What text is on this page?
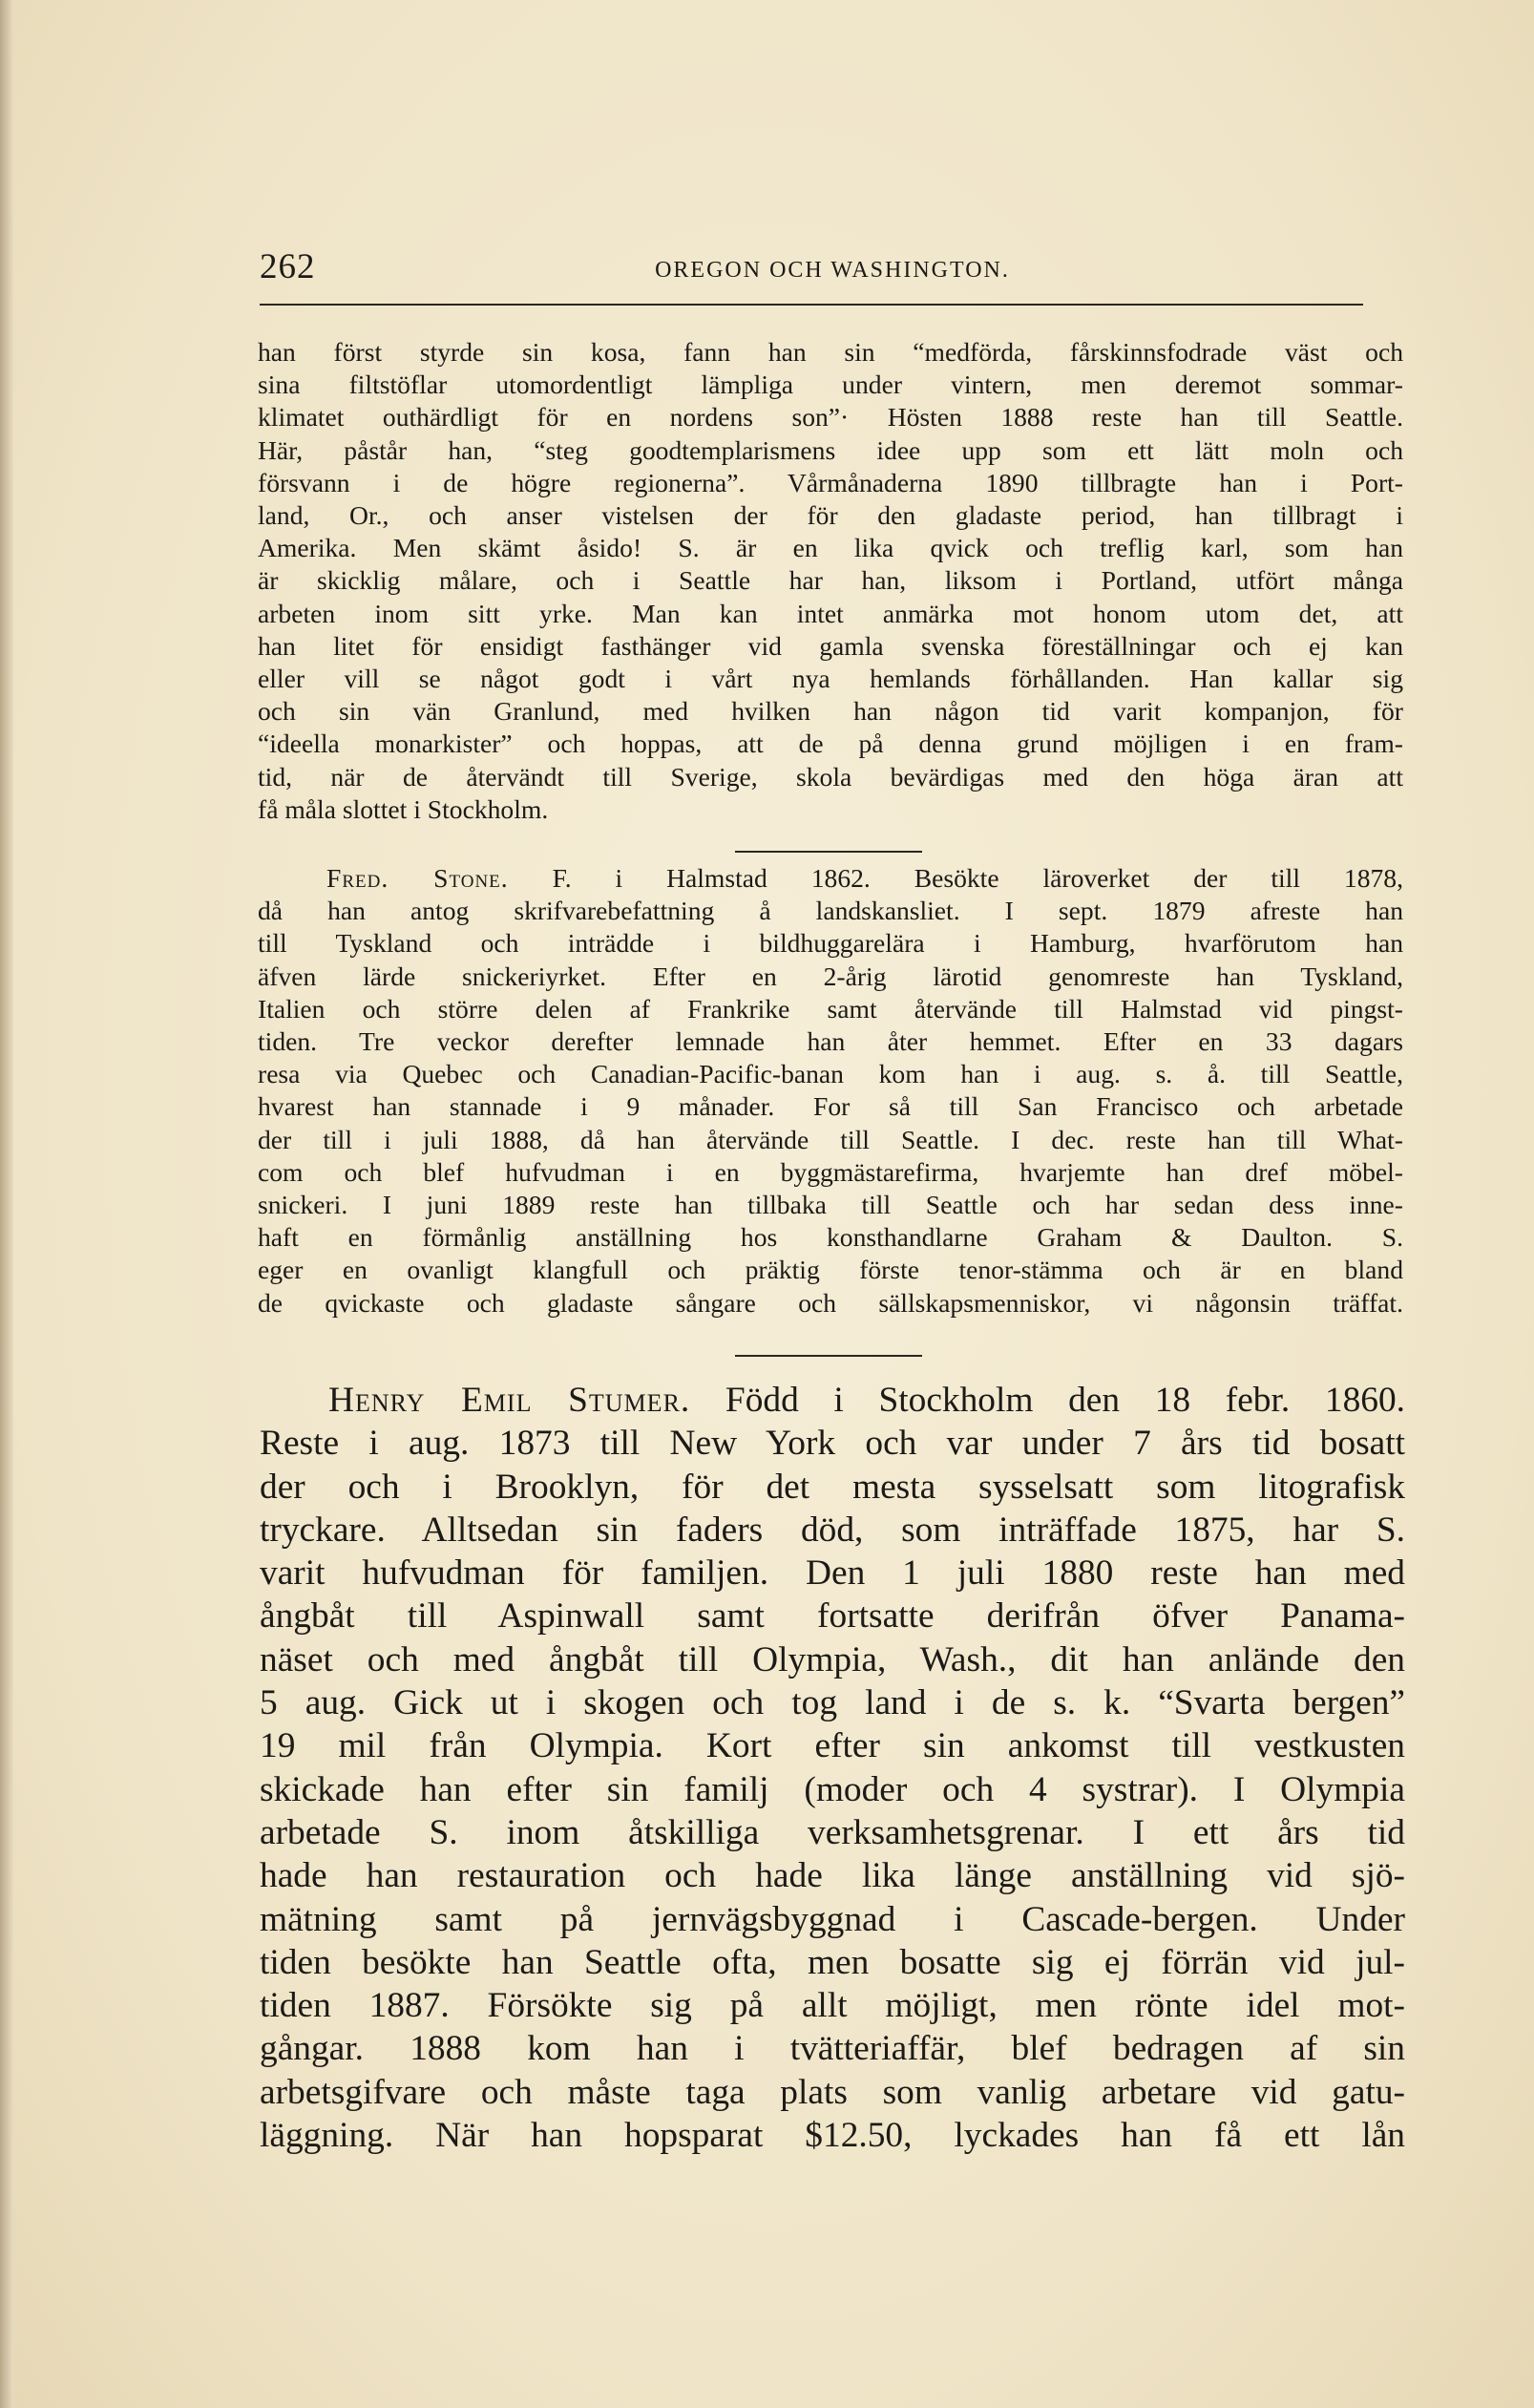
262	OREGON OCH WASHINGTON.
han först styrde sin kosa, fann han sin “medförda, fårskinnsfodrade väst och
sina filtstöflar utomordentligt lämpliga under vintern, men deremot sommar-
klimatet outhärdligt för en nordens son”· Hösten 1888 reste han till Seattle.
Här, påstår han, “steg goodtemplarismens idee upp som ett lätt moln och
försvann i de högre regionerna”. Vårmånaderna 1890 tillbragte han i Port-
land, Or., och anser vistelsen der för den gladaste period, han tillbragt i
Amerika. Men skämt åsido! S. är en lika qvick och treflig karl, som han
är skicklig målare, och i Seattle har han, liksom i Portland, utfört många
arbeten inom sitt yrke. Man kan intet anmärka mot honom utom det, att
han litet för ensidigt fasthänger vid gamla svenska föreställningar och ej kan
eller vill se något godt i vårt nya hemlands förhållanden. Han kallar sig
och sin vän Granlund, med hvilken han någon tid varit kompanjon, för
“ideella monarkister” och hoppas, att de på denna grund möjligen i en fram-
tid, när de återvändt till Sverige, skola bevärdigas med den höga äran att
få måla slottet i Stockholm.
Fred. Stone. F. i Halmstad 1862. Besökte läroverket der till 1878,
då han antog skrifvarebefattning å landskansliet. I sept. 1879 afreste han
till Tyskland och inträdde i bildhuggarelära i Hamburg, hvarförutom han
äfven lärde snickeriyrket. Efter en 2-årig lärotid genomreste han Tyskland,
Italien och större delen af Frankrike samt återvände till Halmstad vid pingst-
tiden. Tre veckor derefter lemnade han åter hemmet. Efter en 33 dagars
resa via Quebec och Canadian-Pacific-banan kom han i aug. s. å. till Seattle,
hvarest han stannade i 9 månader. For så till San Francisco och arbetade
der till i juli 1888, då han återvände till Seattle. I dec. reste han till What-
com och blef hufvudman i en byggmästarefirma, hvarjemte han dref möbel-
snickeri. I juni 1889 reste han tillbaka till Seattle och har sedan dess inne-
haft en förmånlig anställning hos konsthandlarne Graham & Daulton. S.
eger en ovanligt klangfull och präktig förste tenor-stämma och är en bland
de qvickaste och gladaste sångare och sällskapsmenniskor, vi någonsin träffat.
Henry Emil Stumer. Född i Stockholm den 18 febr. 1860.
Reste i aug. 1873 till New York och var under 7 års tid bosatt
der och i Brooklyn, för det mesta sysselsatt som litografisk
tryckare. Alltsedan sin faders död, som inträffade 1875, har S.
varit hufvudman för familjen. Den 1 juli 1880 reste han med
ångbåt till Aspinwall samt fortsatte derifrån öfver Panama-
näset och med ångbåt till Olympia, Wash., dit han anlände den
5 aug. Gick ut i skogen och tog land i de s. k. “Svarta bergen”
19 mil från Olympia. Kort efter sin ankomst till vestkusten
skickade han efter sin familj (moder och 4 systrar). I Olympia
arbetade S. inom åtskilliga verksamhetsgrenar. I ett års tid
hade han restauration och hade lika länge anställning vid sjö-
mätning samt på jernvägsbyggnad i Cascade-bergen. Under
tiden besökte han Seattle ofta, men bosatte sig ej förrän vid jul-
tiden 1887. Försökte sig på allt möjligt, men rönte idel mot-
gångar. 1888 kom han i tvätteriaffär, blef bedragen af sin
arbetsgifvare och måste taga plats som vanlig arbetare vid gatu-
läggning. När han hopsparat $12.50, lyckades han få ett lån
